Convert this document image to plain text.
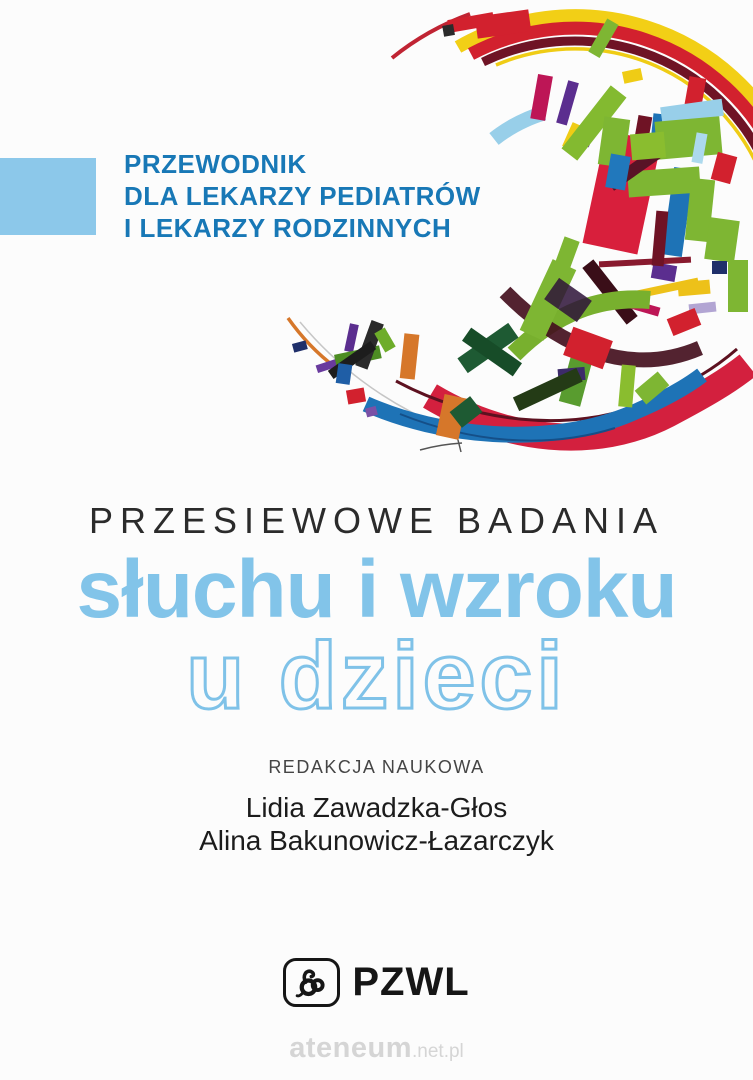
PRZEWODNIK
DLA LEKARZY PEDIATRÓW
I LEKARZY RODZINNYCH
PRZESIEWOWE BADANIA
słuchu i wzroku
u dzieci
REDAKCJA NAUKOWA
Lidia Zawadzka-Głos
Alina Bakunowicz-Łazarczyk
PZWL
ateneum.net.pl
